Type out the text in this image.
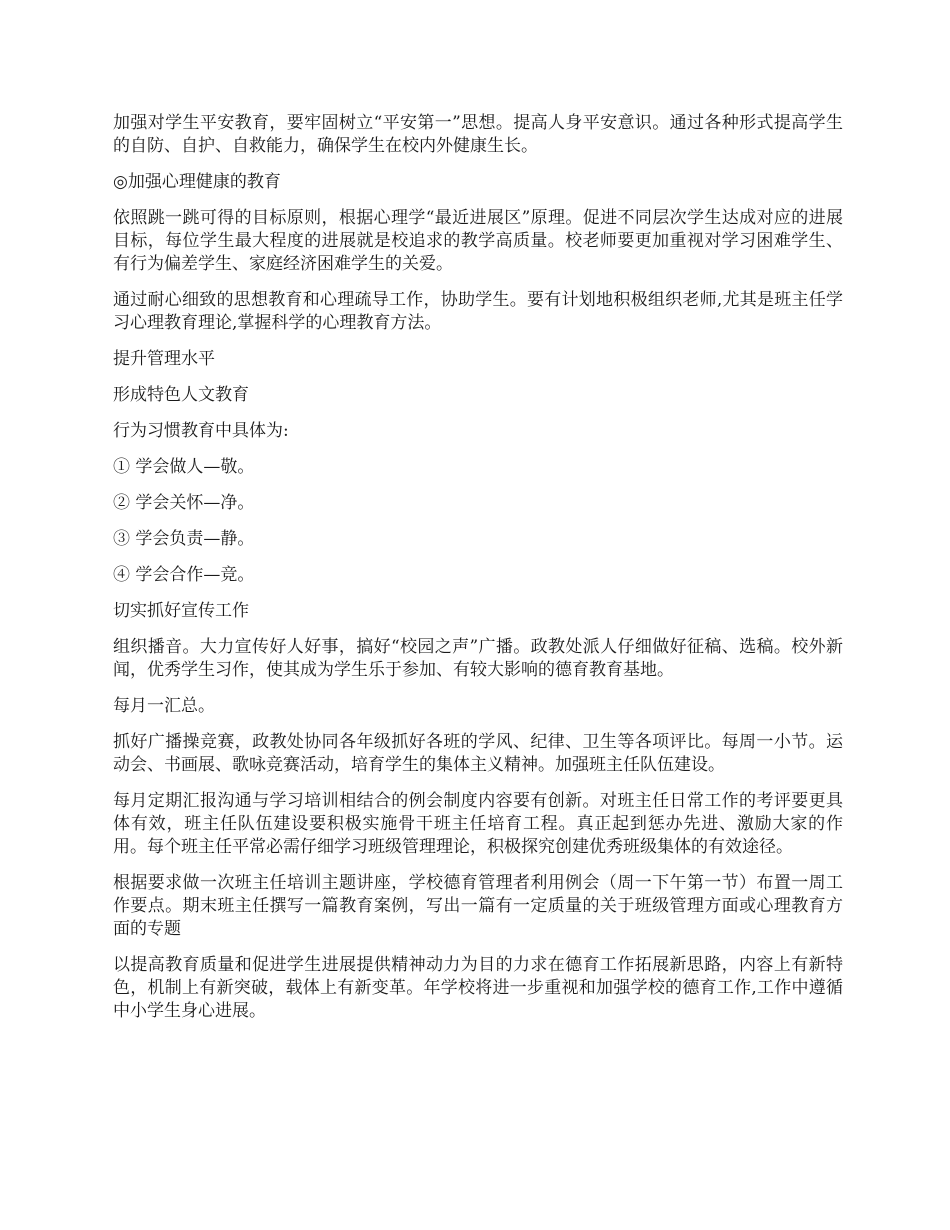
加强对学生平安教育，要牢固树立“平安第一”思想。提高人身平安意识。通过各种形式提高学生的自防、自护、自救能力，确保学生在校内外健康生长。

◎加强心理健康的教育

依照跳一跳可得的目标原则，根据心理学“最近进展区”原理。促进不同层次学生达成对应的进展目标，每位学生最大程度的进展就是校追求的教学高质量。校老师要更加重视对学习困难学生、有行为偏差学生、家庭经济困难学生的关爱。

通过耐心细致的思想教育和心理疏导工作，协助学生。要有计划地积极组织老师,尤其是班主任学习心理教育理论,掌握科学的心理教育方法。

提升管理水平

形成特色人文教育

行为习惯教育中具体为:

① 学会做人—敬。

② 学会关怀—净。

③ 学会负责—静。

④ 学会合作—竞。

切实抓好宣传工作

组织播音。大力宣传好人好事，搞好“校园之声”广播。政教处派人仔细做好征稿、选稿。校外新闻，优秀学生习作，使其成为学生乐于参加、有较大影响的德育教育基地。

每月一汇总。

抓好广播操竞赛，政教处协同各年级抓好各班的学风、纪律、卫生等各项评比。每周一小节。运动会、书画展、歌咏竞赛活动，培育学生的集体主义精神。加强班主任队伍建设。

每月定期汇报沟通与学习培训相结合的例会制度内容要有创新。对班主任日常工作的考评要更具体有效，班主任队伍建设要积极实施骨干班主任培育工程。真正起到惩办先进、激励大家的作用。每个班主任平常必需仔细学习班级管理理论，积极探究创建优秀班级集体的有效途径。

根据要求做一次班主任培训主题讲座，学校德育管理者利用例会（周一下午第一节）布置一周工作要点。期末班主任撰写一篇教育案例，写出一篇有一定质量的关于班级管理方面或心理教育方面的专题

以提高教育质量和促进学生进展提供精神动力为目的力求在德育工作拓展新思路，内容上有新特色，机制上有新突破，载体上有新变革。年学校将进一步重视和加强学校的德育工作,工作中遵循中小学生身心进展。
